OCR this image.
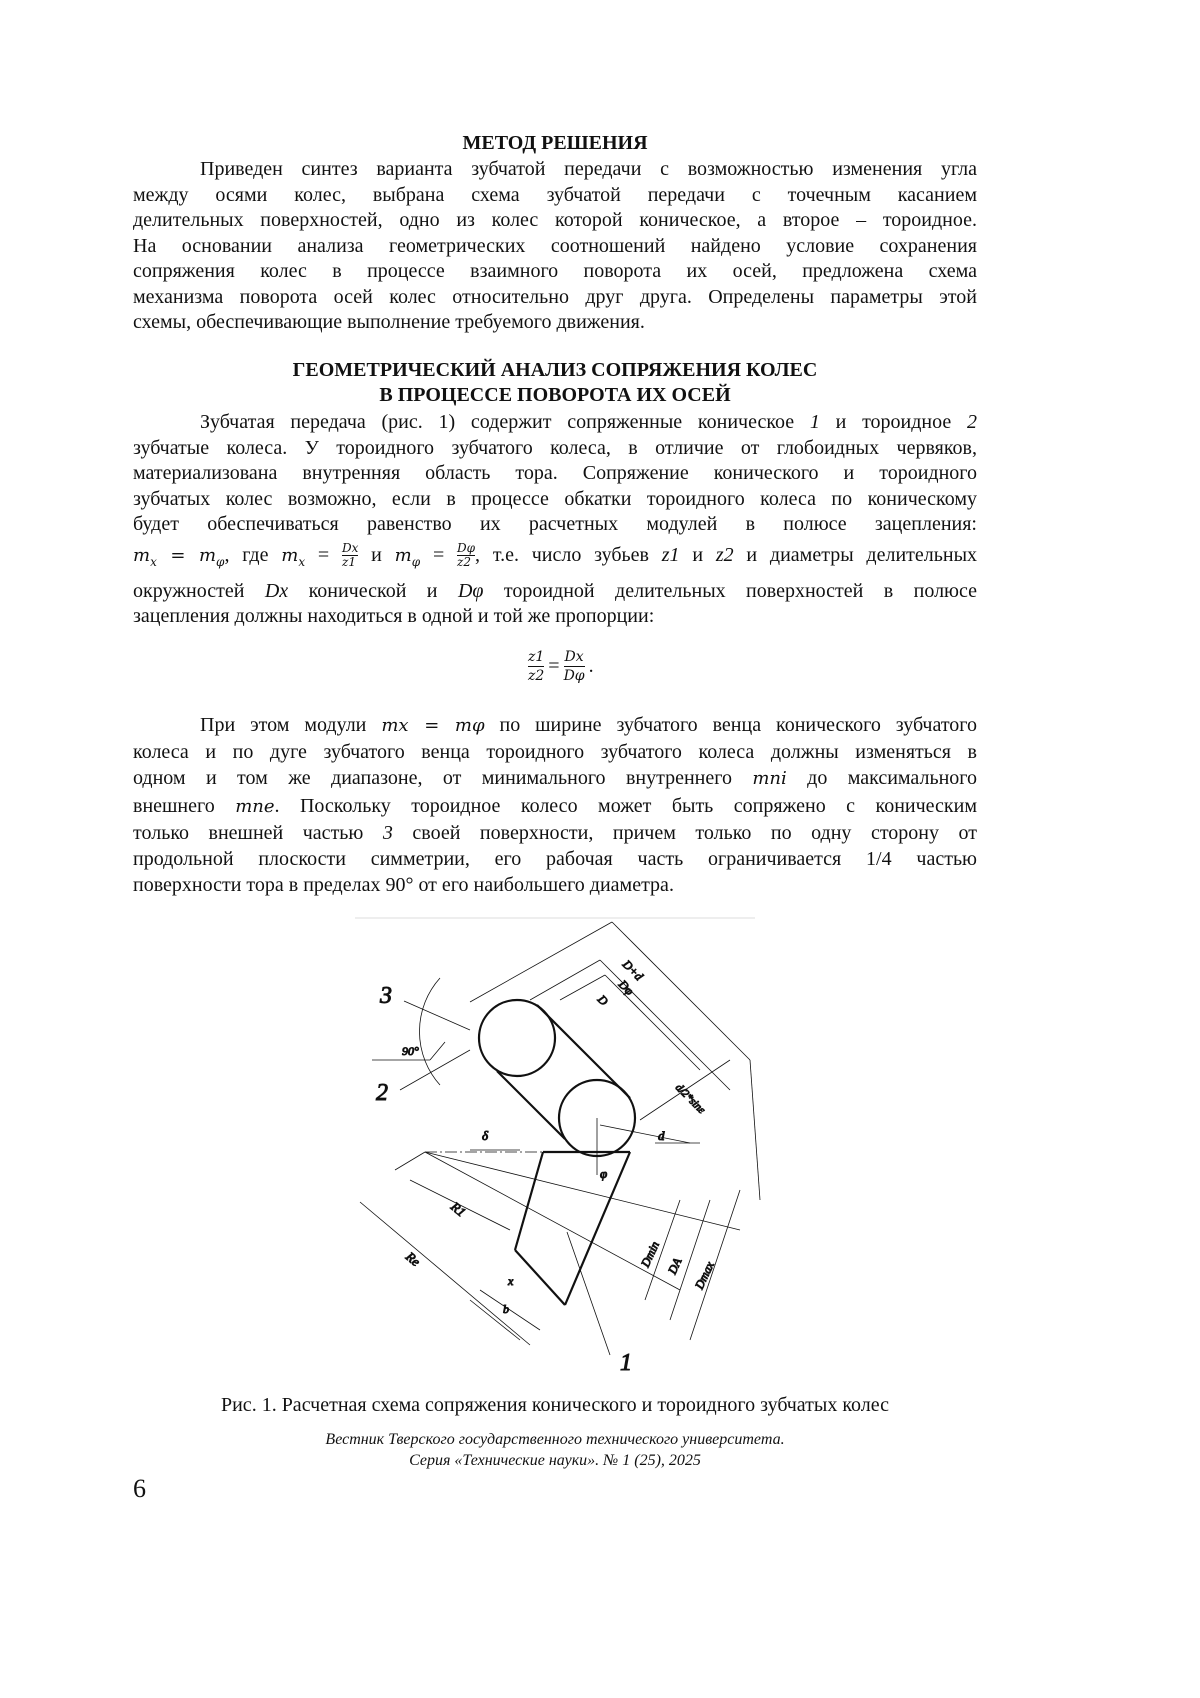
МЕТОД РЕШЕНИЯ
Приведен синтез варианта зубчатой передачи с возможностью изменения угла
между осями колес, выбрана схема зубчатой передачи с точечным касанием
делительных поверхностей, одно из колес которой коническое, а второе – тороидное.
На основании анализа геометрических соотношений найдено условие сохранения
сопряжения колес в процессе взаимного поворота их осей, предложена схема
механизма поворота осей колес относительно друг друга. Определены параметры этой
схемы, обеспечивающие выполнение требуемого движения.
ГЕОМЕТРИЧЕСКИЙ АНАЛИЗ СОПРЯЖЕНИЯ КОЛЕС
В ПРОЦЕССЕ ПОВОРОТА ИХ ОСЕЙ
Зубчатая передача (рис. 1) содержит сопряженные коническое 1 и тороидное 2
зубчатые колеса. У тороидного зубчатого колеса, в отличие от глобоидных червяков,
материализована внутренняя область тора. Сопряжение конического и тороидного
зубчатых колес возможно, если в процессе обкатки тороидного колеса по коническому
будет обеспечиваться равенство их расчетных модулей в полюсе зацепления:
mx = mφ, где mx = Dx
z1 и mφ = Dφ
z2 , т.е. число зубьев z1 и z2 и диаметры делительных
окружностей Dx конической и Dφ тороидной делительных поверхностей в полюсе
зацепления должны находиться в одной и той же пропорции:
z1
z2 = Dx
Dφ .
При этом модули mx = mφ по ширине зубчатого венца конического зубчатого
колеса и по дуге зубчатого венца тороидного зубчатого колеса должны изменяться в
одном и том же диапазоне, от минимального внутреннего mni до максимального
внешнего mne. Поскольку тороидное колесо может быть сопряжено с коническим
только внешней частью 3 своей поверхности, причем только по одну сторону от
продольной плоскости симметрии, его рабочая часть ограничивается 1/4 частью
поверхности тора в пределах 90° от его наибольшего диаметра.
3
2
1
90°
D+d
Dφ
D
d/2*sinε
d
δ
φ
R1
Re	Dmin DA Dmax
x
b
Рис. 1. Расчетная схема сопряжения конического и тороидного зубчатых колес
Вестник Тверского государственного технического университета.
Серия «Технические науки». № 1 (25), 2025
6
